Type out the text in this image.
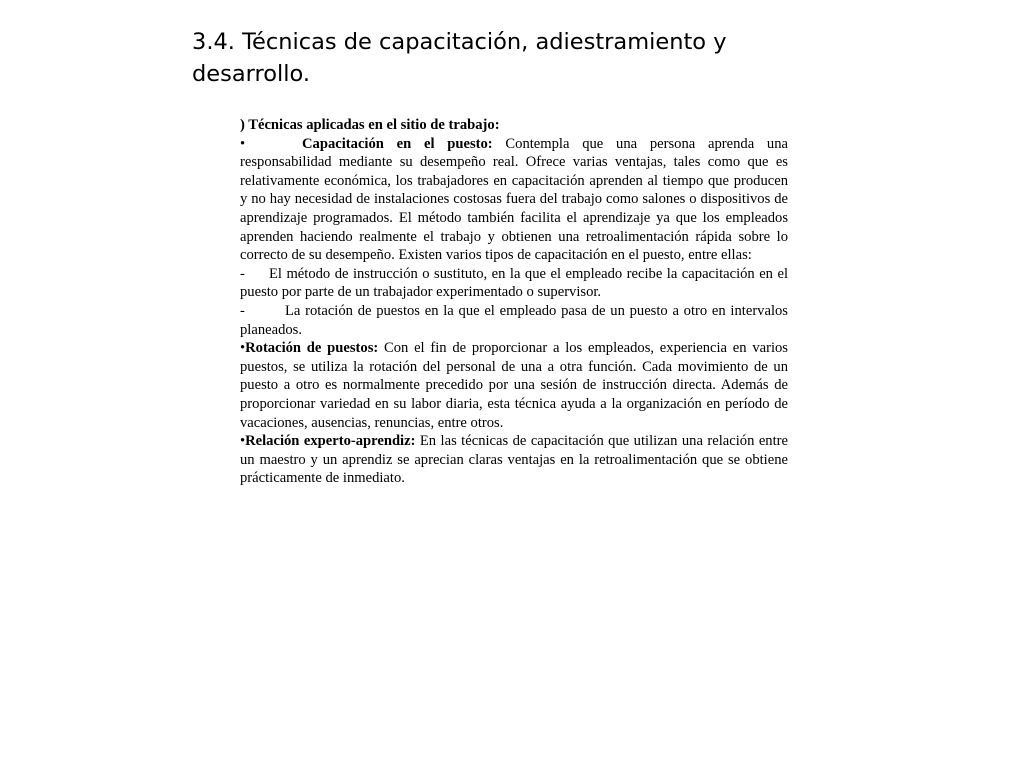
3.4. Técnicas de capacitación, adiestramiento y desarrollo.

) Técnicas aplicadas en el sitio de trabajo:

•	Capacitación en el puesto: Contempla que una persona aprenda una responsabilidad mediante su desempeño real. Ofrece varias ventajas, tales como que es relativamente económica, los trabajadores en capacitación aprenden al tiempo que producen y no hay necesidad de instalaciones costosas fuera del trabajo como salones o dispositivos de aprendizaje programados. El método también facilita el aprendizaje ya que los empleados aprenden haciendo realmente el trabajo y obtienen una retroalimentación rápida sobre lo correcto de su desempeño. Existen varios tipos de capacitación en el puesto, entre ellas:

- El método de instrucción o sustituto, en la que el empleado recibe la capacitación en el puesto por parte de un trabajador experimentado o supervisor.

-	La rotación de puestos en la que el empleado pasa de un puesto a otro en intervalos planeados.

•Rotación de puestos: Con el fin de proporcionar a los empleados, experiencia en varios puestos, se utiliza la rotación del personal de una a otra función. Cada movimiento de un puesto a otro es normalmente precedido por una sesión de instrucción directa. Además de proporcionar variedad en su labor diaria, esta técnica ayuda a la organización en período de vacaciones, ausencias, renuncias, entre otros.

•Relación experto-aprendiz: En las técnicas de capacitación que utilizan una relación entre un maestro y un aprendiz se aprecian claras ventajas en la retroalimentación que se obtiene prácticamente de inmediato.
